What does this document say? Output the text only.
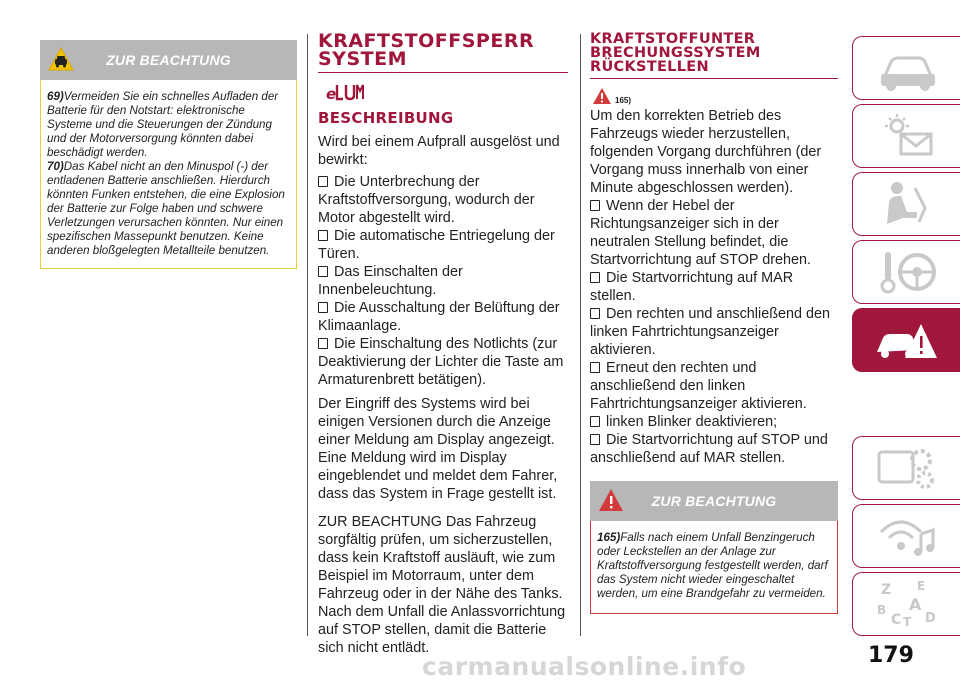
ZUR BEACHTUNG
69)Vermeiden Sie ein schnelles Aufladen der Batterie für den Notstart: elektronische Systeme und die Steuerungen der Zündung und der Motorversorgung könnten dabei beschädigt werden.
70)Das Kabel nicht an den Minuspol (-) der entladenen Batterie anschließen. Hierdurch könnten Funken entstehen, die eine Explosion der Batterie zur Folge haben und schwere Verletzungen verursachen könnten. Nur einen spezifischen Massepunkt benutzen. Keine anderen bloßgelegten Metallteile benutzen.
KRAFTSTOFFSPERR
SYSTEM
e
BESCHREIBUNG

Wird bei einem Aufprall ausgelöst und bewirkt:

Die Unterbrechung der Kraftstoffversorgung, wodurch der Motor abgestellt wird.
Die automatische Entriegelung der Türen.
Das Einschalten der Innenbeleuchtung.
Die Ausschaltung der Belüftung der Klimaanlage.
Die Einschaltung des Notlichts (zur Deaktivierung der Lichter die Taste am Armaturenbrett betätigen).

Der Eingriff des Systems wird bei einigen Versionen durch die Anzeige einer Meldung am Display angezeigt. Eine Meldung wird im Display eingeblendet und meldet dem Fahrer, dass das System in Frage gestellt ist.

ZUR BEACHTUNG Das Fahrzeug sorgfältig prüfen, um sicherzustellen, dass kein Kraftstoff ausläuft, wie zum Beispiel im Motorraum, unter dem Fahrzeug oder in der Nähe des Tanks. Nach dem Unfall die Anlassvorrichtung auf STOP stellen, damit die Batterie sich nicht entlädt.

KRAFTSTOFFUNTER
BRECHUNGSSYSTEM
RÜCKSTELLEN
165)

Um den korrekten Betrieb des Fahrzeugs wieder herzustellen, folgenden Vorgang durchführen (der Vorgang muss innerhalb von einer Minute abgeschlossen werden).

Wenn der Hebel der Richtungsanzeiger sich in der neutralen Stellung befindet, die Startvorrichtung auf STOP drehen.
Die Startvorrichtung auf MAR stellen.
Den rechten und anschließend den linken Fahrtrichtungsanzeiger aktivieren.
Erneut den rechten und anschließend den linken Fahrtrichtungsanzeiger aktivieren.
linken Blinker deaktivieren;
Die Startvorrichtung auf STOP und anschließend auf MAR stellen.
ZUR BEACHTUNG
165)Falls nach einem Unfall Benzingeruch oder Leckstellen an der Anlage zur Kraftstoffversorgung festgestellt werden, darf das System nicht wieder eingeschaltet werden, um eine Brandgefahr zu vermeiden.	Z E
A
B
C T D
179
carmanualsonline.info
